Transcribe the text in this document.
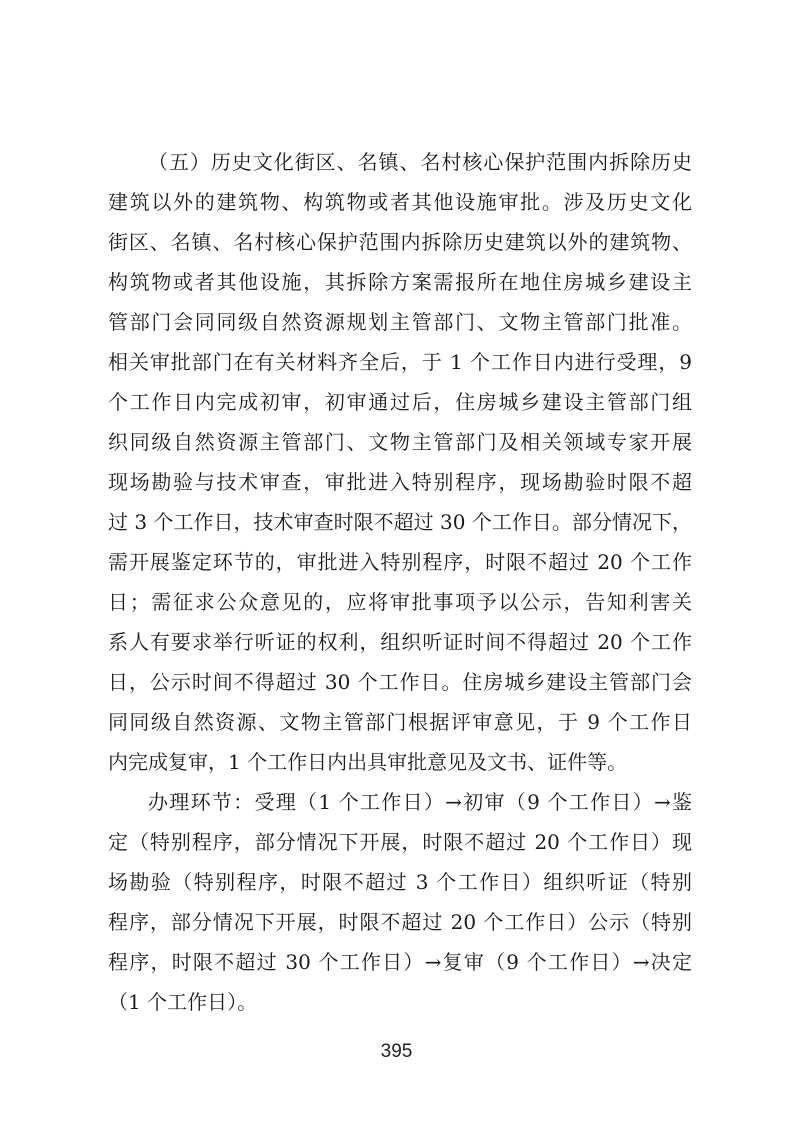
（五）历史文化街区、名镇、名村核心保护范围内拆除历史
建筑以外的建筑物、构筑物或者其他设施审批。涉及历史文化
街区、名镇、名村核心保护范围内拆除历史建筑以外的建筑物、
构筑物或者其他设施，其拆除方案需报所在地住房城乡建设主
管部门会同同级自然资源规划主管部门、文物主管部门批准。
相关审批部门在有关材料齐全后，于 1 个工作日内进行受理，9
个工作日内完成初审，初审通过后，住房城乡建设主管部门组
织同级自然资源主管部门、文物主管部门及相关领域专家开展
现场勘验与技术审查，审批进入特别程序，现场勘验时限不超
过 3 个工作日，技术审查时限不超过 30 个工作日。部分情况下，
需开展鉴定环节的，审批进入特别程序，时限不超过 20 个工作
日；需征求公众意见的，应将审批事项予以公示，告知利害关
系人有要求举行听证的权利，组织听证时间不得超过 20 个工作
日，公示时间不得超过 30 个工作日。住房城乡建设主管部门会
同同级自然资源、文物主管部门根据评审意见，于 9 个工作日
内完成复审，1 个工作日内出具审批意见及文书、证件等。
办理环节：受理（1 个工作日）→初审（9 个工作日）→鉴
定（特别程序，部分情况下开展，时限不超过 20 个工作日）现
场勘验（特别程序，时限不超过 3 个工作日）组织听证（特别
程序，部分情况下开展，时限不超过 20 个工作日）公示（特别
程序，时限不超过 30 个工作日）→复审（9 个工作日）→决定
（1 个工作日）。
395
